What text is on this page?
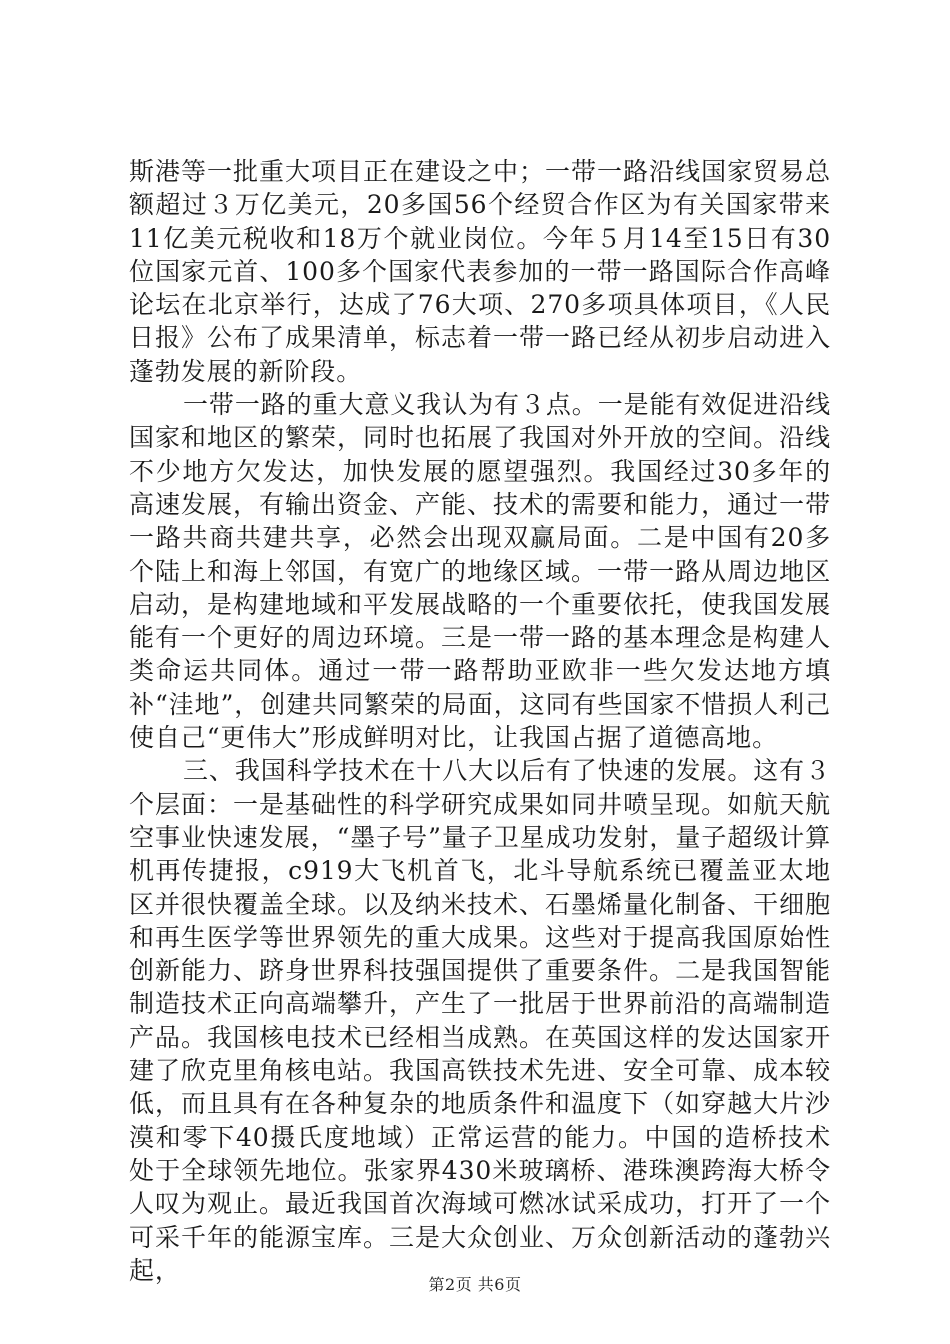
斯港等一批重大项目正在建设之中；一带一路沿线国家贸易总额超过３万亿美元，20多国56个经贸合作区为有关国家带来11亿美元税收和18万个就业岗位。今年５月14至15日有30位国家元首、100多个国家代表参加的一带一路国际合作高峰论坛在北京举行，达成了76大项、270多项具体项目，《人民日报》公布了成果清单，标志着一带一路已经从初步启动进入蓬勃发展的新阶段。

一带一路的重大意义我认为有３点。一是能有效促进沿线国家和地区的繁荣，同时也拓展了我国对外开放的空间。沿线不少地方欠发达，加快发展的愿望强烈。我国经过30多年的高速发展，有输出资金、产能、技术的需要和能力，通过一带一路共商共建共享，必然会出现双赢局面。二是中国有20多个陆上和海上邻国，有宽广的地缘区域。一带一路从周边地区启动，是构建地域和平发展战略的一个重要依托，使我国发展能有一个更好的周边环境。三是一带一路的基本理念是构建人类命运共同体。通过一带一路帮助亚欧非一些欠发达地方填补“洼地”，创建共同繁荣的局面，这同有些国家不惜损人利己使自己“更伟大”形成鲜明对比，让我国占据了道德高地。

三、我国科学技术在十八大以后有了快速的发展。这有３个层面：一是基础性的科学研究成果如同井喷呈现。如航天航空事业快速发展，“墨子号”量子卫星成功发射，量子超级计算机再传捷报，c919大飞机首飞，北斗导航系统已覆盖亚太地区并很快覆盖全球。以及纳米技术、石墨烯量化制备、干细胞和再生医学等世界领先的重大成果。这些对于提高我国原始性创新能力、跻身世界科技强国提供了重要条件。二是我国智能制造技术正向高端攀升，产生了一批居于世界前沿的高端制造产品。我国核电技术已经相当成熟。在英国这样的发达国家开建了欣克里角核电站。我国高铁技术先进、安全可靠、成本较低，而且具有在各种复杂的地质条件和温度下（如穿越大片沙漠和零下40摄氏度地域）正常运营的能力。中国的造桥技术处于全球领先地位。张家界430米玻璃桥、港珠澳跨海大桥令人叹为观止。最近我国首次海域可燃冰试采成功，打开了一个可采千年的能源宝库。三是大众创业、万众创新活动的蓬勃兴起，	第2页 共6页
